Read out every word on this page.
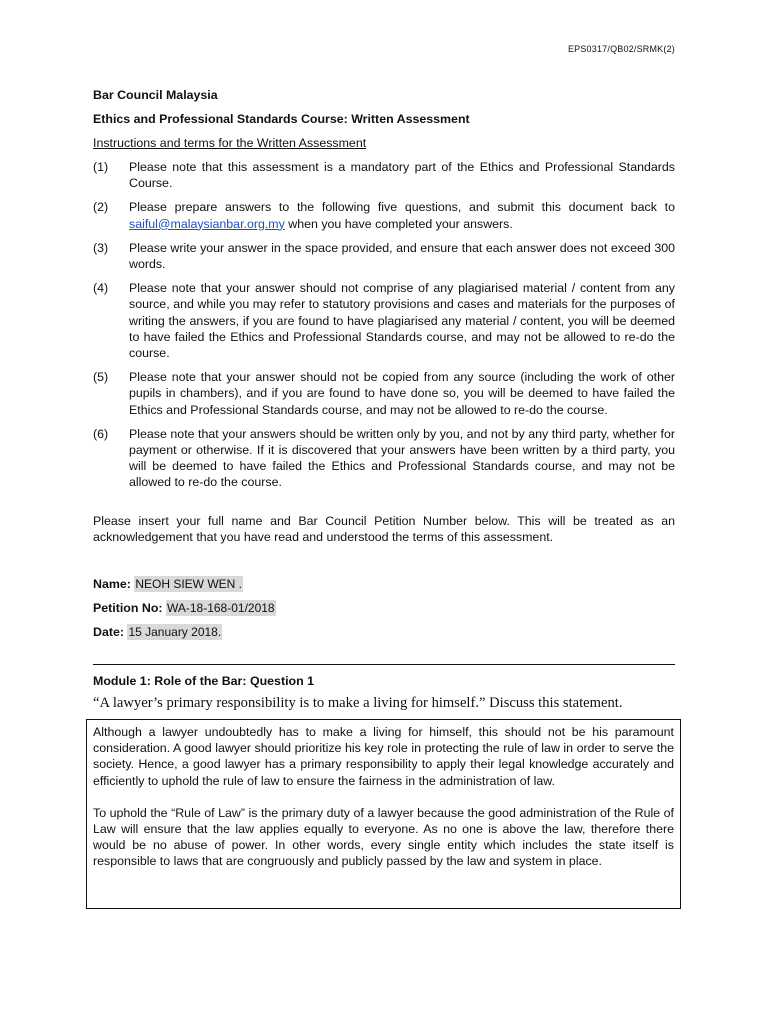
EPS0317/QB02/SRMK(2)
Bar Council Malaysia
Ethics and Professional Standards Course: Written Assessment
Instructions and terms for the Written Assessment
(1)	Please note that this assessment is a mandatory part of the Ethics and Professional Standards Course.
(2)	Please prepare answers to the following five questions, and submit this document back to saiful@malaysianbar.org.my when you have completed your answers.
(3)	Please write your answer in the space provided, and ensure that each answer does not exceed 300 words.
(4)	Please note that your answer should not comprise of any plagiarised material / content from any source, and while you may refer to statutory provisions and cases and materials for the purposes of writing the answers, if you are found to have plagiarised any material / content, you will be deemed to have failed the Ethics and Professional Standards course, and may not be allowed to re-do the course.
(5)	Please note that your answer should not be copied from any source (including the work of other pupils in chambers), and if you are found to have done so, you will be deemed to have failed the Ethics and Professional Standards course, and may not be allowed to re-do the course.
(6)	Please note that your answers should be written only by you, and not by any third party, whether for payment or otherwise. If it is discovered that your answers have been written by a third party, you will be deemed to have failed the Ethics and Professional Standards course, and may not be allowed to re-do the course.
Please insert your full name and Bar Council Petition Number below. This will be treated as an acknowledgement that you have read and understood the terms of this assessment.
Name: NEOH SIEW WEN .
Petition No: WA-18-168-01/2018
Date: 15 January 2018.
Module 1: Role of the Bar: Question 1
“A lawyer’s primary responsibility is to make a living for himself.” Discuss this statement.

Although a lawyer undoubtedly has to make a living for himself, this should not be his paramount consideration. A good lawyer should prioritize his key role in protecting the rule of law in order to serve the society. Hence, a good lawyer has a primary responsibility to apply their legal knowledge accurately and efficiently to uphold the rule of law to ensure the fairness in the administration of law.

To uphold the “Rule of Law” is the primary duty of a lawyer because the good administration of the Rule of Law will ensure that the law applies equally to everyone. As no one is above the law, therefore there would be no abuse of power. In other words, every single entity which includes the state itself is responsible to laws that are congruously and publicly passed by the law and system in place.
